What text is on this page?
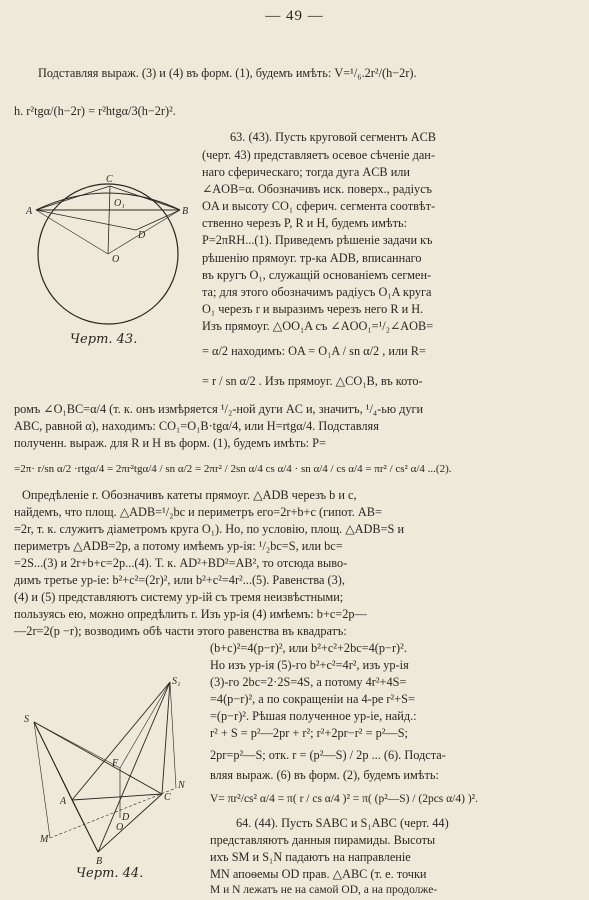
— 49 —
Подставляя выраж. (3) и (4) въ форм. (1), будемъ имѣть: V=¹/₆.2r²/(h−2r).
h. r²tgα/(h−2r) = r²htgα/3(h−2r)².
C
A	B
O₁
O
D
Черт. 43.
63. (43). Пусть круговой сегментъ ACB
(черт. 43) представляетъ осевое сѣченіе дан-
наго сферическаго; тогда дуга ACB или
∠AOB=α. Обозначивъ иск. поверх., радіусъ
OA и высоту CO₁ сферич. сегмента соотвѣт-
ственно черезъ P, R и H, будемъ имѣть:
P=2πRH...(1). Приведемъ рѣшеніе задачи къ
рѣшенію прямоуг. тр-ка ADB, вписаннаго
въ кругъ O₁, служащій основаніемъ сегмен-
та; для этого обозначимъ радіусъ O₁A круга
O₁ черезъ r и выразимъ черезъ него R и H.
Изъ прямоуг. △OO₁A съ ∠AOO₁=¹/₂∠AOB=
= α/2 находимъ: OA = O₁A / sn α/2 , или R=
= r / sn α/2 . Изъ прямоуг. △CO₁B, въ кото-
ромъ ∠O₁BC=α/4 (т. к. онъ измѣряется ¹/₂-ной дуги AC и, значитъ, ¹/₄-ью дуги
ABC, равной α), находимъ: CO₁=O₁B·tgα/4, или H=rtgα/4. Подставляя
полученн. выраж. для R и H въ форм. (1), будемъ имѣть: P=
=2π· r/sn α/2 ·rtgα/4 = 2πr²tgα/4 / sn α/2 = 2πr² / 2sn α/4 cs α/4 · sn α/4 / cs α/4 = πr² / cs² α/4 ...(2).
Опредѣленіе r. Обозначивъ катеты прямоуг. △ADB черезъ b и c,
найдемъ, что площ. △ADB=¹/₂bc и периметръ его=2r+b+c (гипот. AB=
=2r, т. к. служитъ діаметромъ круга O₁). Но, по условію, площ. △ADB=S и
периметръ △ADB=2p, а потому имѣемъ ур-ія: ¹/₂bc=S, или bc=
=2S...(3) и 2r+b+c=2p...(4). Т. к. AD²+BD²=AB², то отсюда выво-
димъ третье ур-іе: b²+c²=(2r)², или b²+c²=4r²...(5). Равенства (3),
(4) и (5) представляютъ систему ур-ій съ тремя неизвѣстными;
пользуясь ею, можно опредѣлить r. Изъ ур-ія (4) имѣемъ: b+c=2p—
—2r=2(p −r); возводимъ обѣ части этого равенства въ квадратъ:
S₁
S
F
A	C
N
D
O
M
B
Черт. 44.
(b+c)²=4(p−r)², или b²+c²+2bc=4(p−r)².
Но изъ ур-ія (5)-го b²+c²=4r², изъ ур-ія
(3)-го 2bc=2·2S=4S, а потому 4r²+4S=
=4(p−r)², а по сокращеніи на 4-ре r²+S=
=(p−r)². Рѣшая полученное ур-іе, найд.:
r² + S = p²—2pr + r²; r²+2pr−r² = p²—S;
2pr=p²—S; отк. r = (p²—S) / 2p ... (6). Подста-
вляя выраж. (6) въ форм. (2), будемъ имѣть:
V= πr²/cs² α/4 = π( r / cs α/4 )² = π( (p²—S) / (2pcs α/4) )².
64. (44). Пусть SABC и S₁ABC (черт. 44)
представляютъ данныя пирамиды. Высоты
ихъ SM и S₁N падаютъ на направленіе
MN апоѳемы OD прав. △ABC (т. е. точки
M и N лежатъ не на самой OD, а на продолже-
